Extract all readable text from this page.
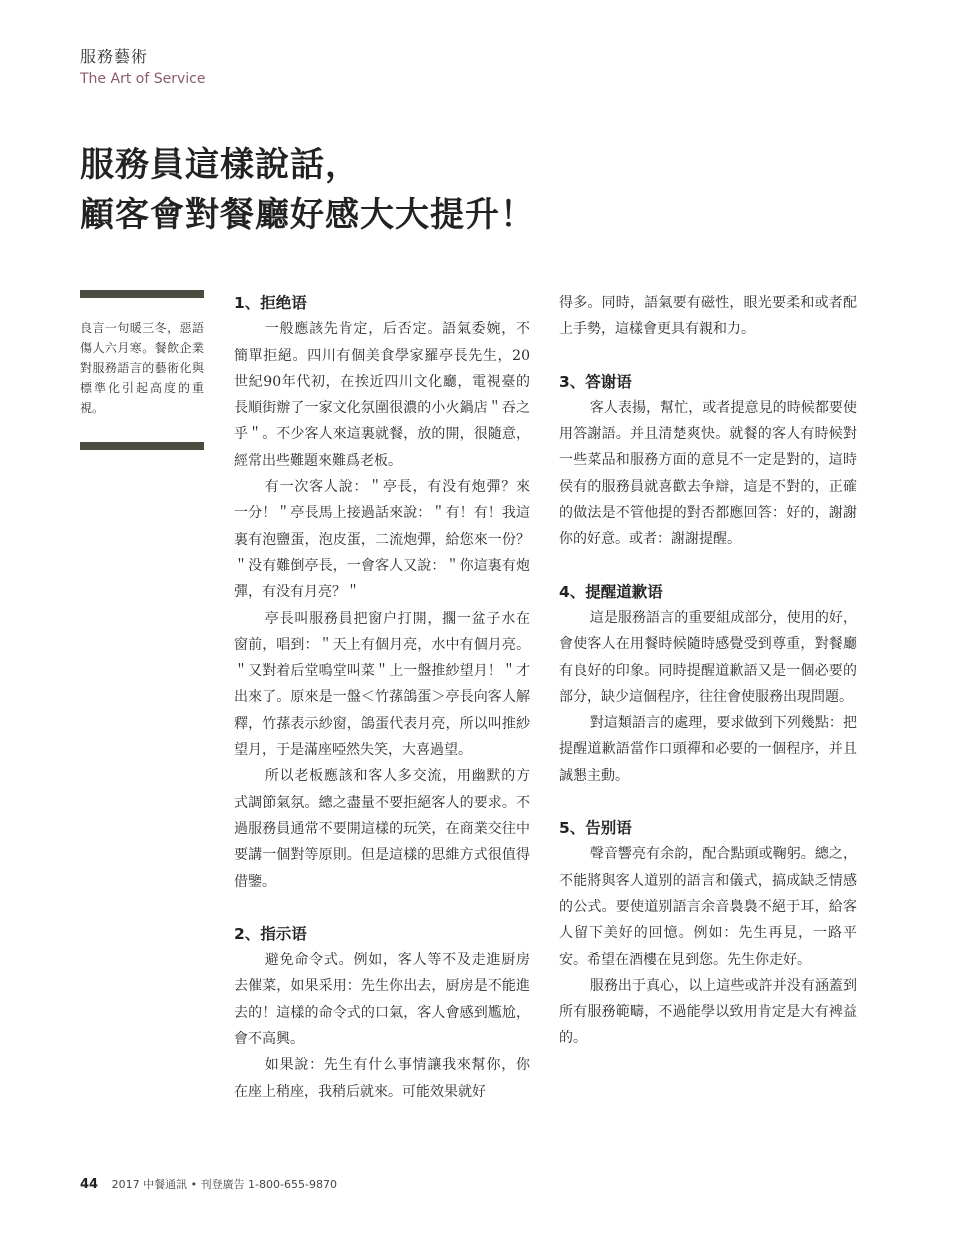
服務藝術
The Art of Service
服務員這樣說話，
顧客會對餐廳好感大大提升！
良言一句暖三冬，惡語傷人六月寒。餐飲企業對服務語言的藝術化與標準化引起高度的重視。
1、拒绝语

一般應該先肯定，后否定。語氣委婉，不簡單拒絕。四川有個美食學家羅亭長先生，20世紀90年代初，在挨近四川文化廳，電視臺的長順街辦了一家文化氛圍很濃的小火鍋店＂吞之乎＂。不少客人來這裏就餐，放的開，很隨意，經常出些難題來難爲老板。

有一次客人說：＂亭長，有没有炮彈？來一分！＂亭長馬上接過話來說：＂有！有！我這裏有泡鹽蛋，泡皮蛋，二流炮彈，給您來一份？＂没有難倒亭長，一會客人又說：＂你這裏有炮彈，有没有月亮？＂

亭長叫服務員把窗户打開，擱一盆子水在窗前，唱到：＂天上有個月亮，水中有個月亮。＂又對着后堂鳴堂叫菜＂上一盤推紗望月！＂才出來了。原來是一盤＜竹蓀鴿蛋＞亭長向客人解釋，竹蓀表示紗窗，鴿蛋代表月亮，所以叫推紗望月，于是滿座啞然失笑，大喜過望。

所以老板應該和客人多交流，用幽默的方式調節氣氛。總之盡量不要拒絕客人的要求。不過服務員通常不要開這樣的玩笑，在商業交往中要講一個對等原則。但是這樣的思維方式很值得借鑒。

2、指示语

避免命令式。例如，客人等不及走進厨房去催菜，如果采用：先生你出去，厨房是不能進去的！這樣的命令式的口氣，客人會感到尷尬，會不高興。

如果說：先生有什么事情讓我來幫你，你在座上稍座，我稍后就來。可能效果就好

得多。同時，語氣要有磁性，眼光要柔和或者配上手勢，這樣會更具有親和力。

3、答谢语

客人表揚，幫忙，或者提意見的時候都要使用答謝語。并且清楚爽快。就餐的客人有時候對一些菜品和服務方面的意見不一定是對的，這時侯有的服務員就喜歡去争辯，這是不對的，正確的做法是不管他提的對否都應回答：好的，謝謝你的好意。或者：謝謝提醒。

4、提醒道歉语

這是服務語言的重要組成部分，使用的好，會使客人在用餐時候隨時感覺受到尊重，對餐廳有良好的印象。同時提醒道歉語又是一個必要的部分，缺少這個程序，往往會使服務出現問題。

對這類語言的處理，要求做到下列幾點：把提醒道歉語當作口頭禪和必要的一個程序，并且誠懇主動。

5、告别语

聲音響亮有余韵，配合點頭或鞠躬。總之，不能將與客人道别的語言和儀式，搞成缺乏情感的公式。要使道别語言余音裊裊不絕于耳，給客人留下美好的回憶。例如：先生再見，一路平安。希望在酒樓在見到您。先生你走好。

服務出于真心，以上這些或許并没有涵蓋到所有服務範疇，不過能學以致用肯定是大有裨益的。

44 2017 中餐通訊 • 刊登廣告 1-800-655-9870
